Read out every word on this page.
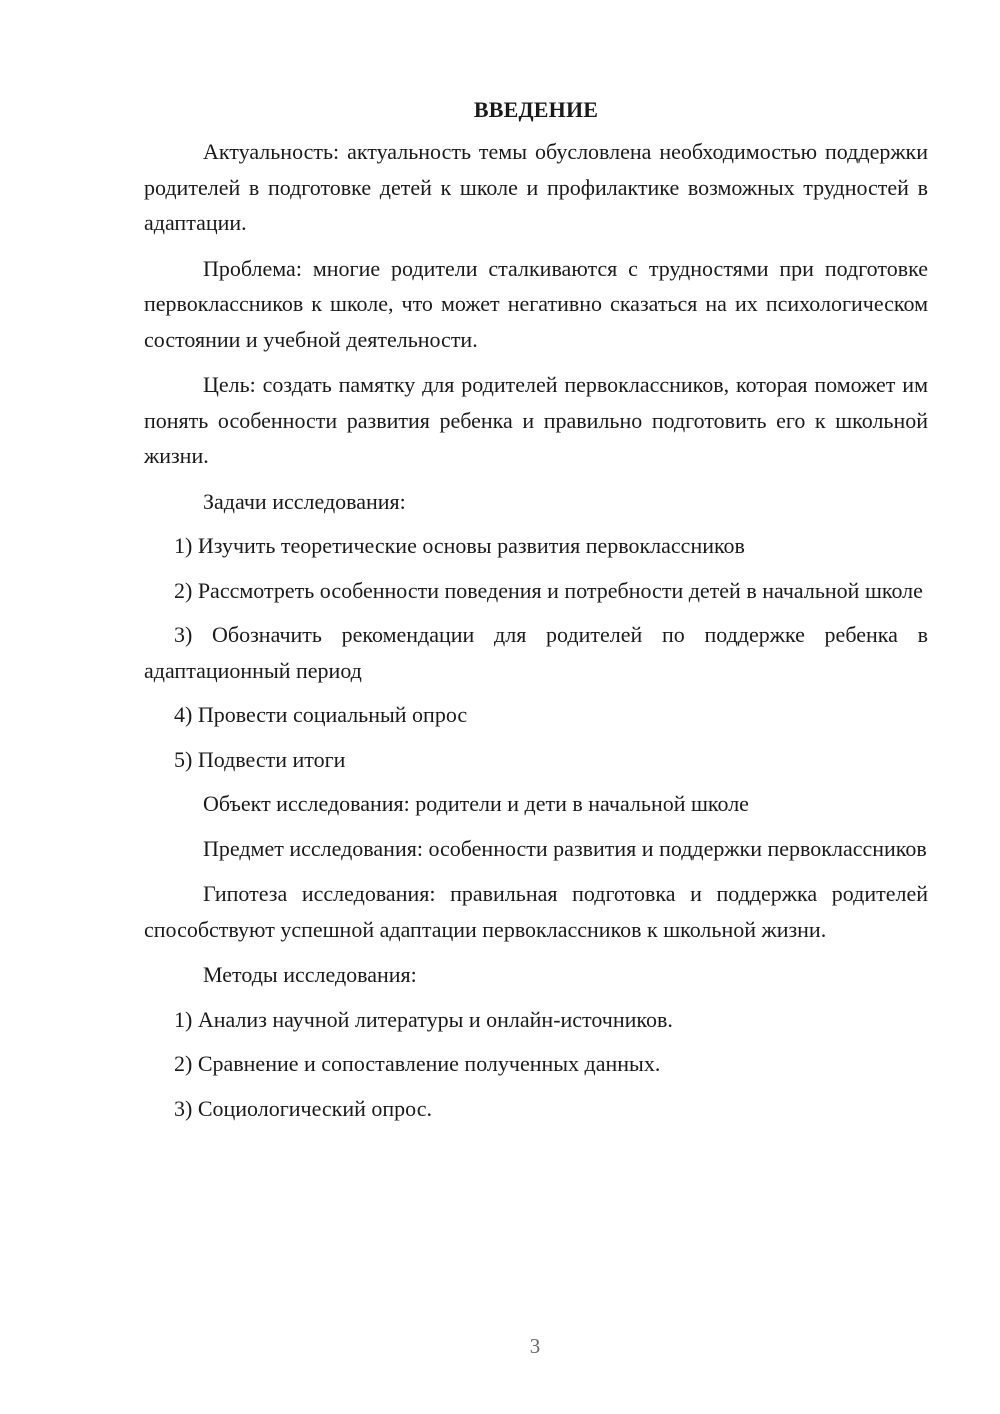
ВВЕДЕНИЕ

Актуальность: актуальность темы обусловлена необходимостью поддержки родителей в подготовке детей к школе и профилактике возможных трудностей в адаптации.

Проблема: многие родители сталкиваются с трудностями при подготовке первоклассников к школе, что может негативно сказаться на их психологическом состоянии и учебной деятельности.

Цель: создать памятку для родителей первоклассников, которая поможет им понять особенности развития ребенка и правильно подготовить его к школьной жизни.

Задачи исследования:

1) Изучить теоретические основы развития первоклассников

2) Рассмотреть особенности поведения и потребности детей в начальной школе

3) Обозначить рекомендации для родителей по поддержке ребенка в адаптационный период

4) Провести социальный опрос

5) Подвести итоги

Объект исследования: родители и дети в начальной школе

Предмет исследования: особенности развития и поддержки первоклассников

Гипотеза исследования: правильная подготовка и поддержка родителей способствуют успешной адаптации первоклассников к школьной жизни.

Методы исследования:

1) Анализ научной литературы и онлайн-источников.

2) Сравнение и сопоставление полученных данных.

3) Социологический опрос.

3
